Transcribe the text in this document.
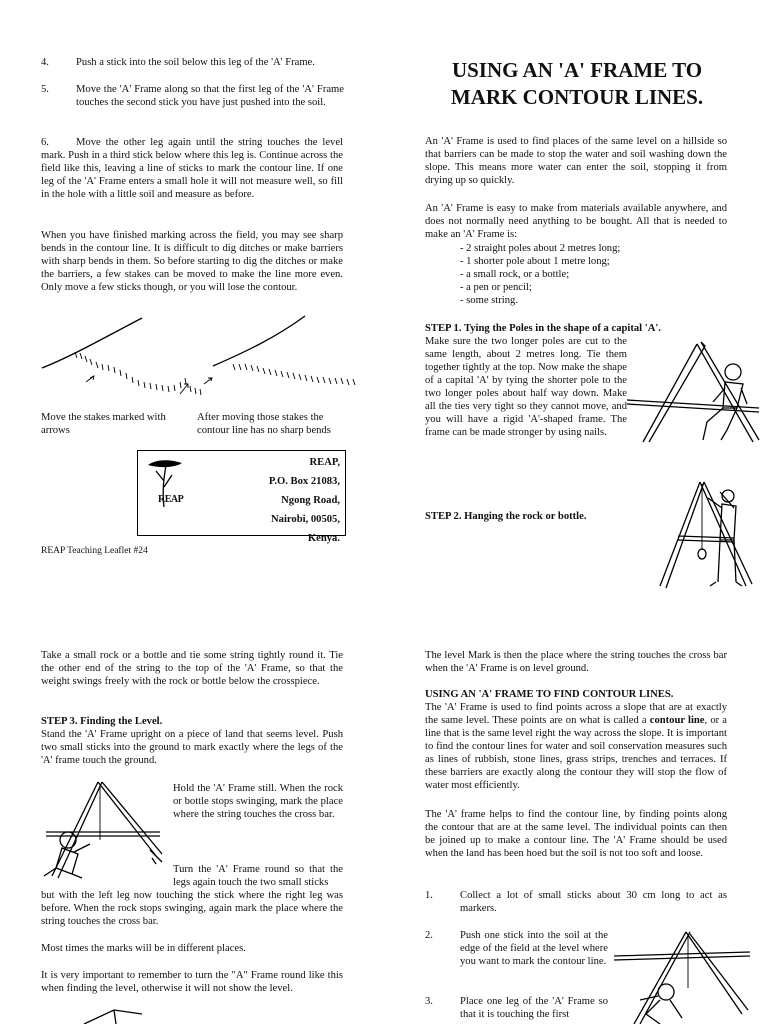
4.	Push a stick into the soil below this leg of the 'A' Frame.
5.	Move the 'A' Frame along so that the first leg of the 'A' Frame touches the second stick you have just pushed into the soil.
6.	Move the other leg again until the string touches the level mark. Push in a third stick below where this leg is. Continue across the field like this, leaving a line of sticks to mark the contour line. If one leg of the 'A' Frame enters a small hole it will not measure well, so fill in the hole with a little soil and measure as before.
When you have finished marking across the field, you may see sharp bends in the contour line. It is difficult to dig ditches or make barriers with sharp bends in them. So before starting to dig the ditches or make the barriers, a few stakes can be moved to make the line more even. Only move a few sticks though, or you will lose the contour.
Move the stakes marked with arrows
After moving those stakes the contour line has no sharp bends
REAP
REAP,
P.O. Box 21083,
Ngong Road,
Nairobi, 00505,
Kenya.
REAP Teaching Leaflet #24
USING AN 'A' FRAME TO MARK CONTOUR LINES.
An 'A' Frame is used to find places of the same level on a hillside so that barriers can be made to stop the water and soil washing down the slope. This means more water can enter the soil, stopping it from drying up so quickly.
An 'A' Frame is easy to make from materials available anywhere, and does not normally need anything to be bought. All that is needed to make an 'A' Frame is:
- 2 straight poles about 2 metres long;
- 1 shorter pole about 1 metre long;
- a small rock, or a bottle;
- a pen or pencil;
- some string.
STEP 1. Tying the Poles in the shape of a capital 'A'.
Make sure the two longer poles are cut to the same length, about 2 metres long. Tie them together tightly at the top. Now make the shape of a capital 'A' by tying the shorter pole to the two longer poles about half way down. Make all the ties very tight so they cannot move, and you will have a rigid 'A'-shaped frame. The frame can be made stronger by using nails.
STEP 2. Hanging the rock or bottle.
Take a small rock or a bottle and tie some string tightly round it. Tie the other end of the string to the top of the 'A' Frame, so that the weight swings freely with the rock or bottle below the crosspiece.
STEP 3. Finding the Level.
Stand the 'A' Frame upright on a piece of land that seems level. Push two small sticks into the ground to mark exactly where the legs of the 'A' frame touch the ground.
Hold the 'A' Frame still. When the rock or bottle stops swinging, mark the place where the string touches the cross bar.
Turn the 'A' Frame round so that the legs again touch the two small sticks
but with the left leg now touching the stick where the right leg was before. When the rock stops swinging, again mark the place where the string touches the cross bar.
Most times the marks will be in different places.
It is very important to remember to turn the "A" Frame round like this when finding the level, otherwise it will not show the level.
The level Mark is then the place where the string touches the cross bar when the 'A' Frame is on level ground.
USING AN 'A' FRAME TO FIND CONTOUR LINES.
The 'A' Frame is used to find points across a slope that are at exactly the same level. These points are on what is called a contour line, or a line that is the same level right the way across the slope. It is important to find the contour lines for water and soil conservation measures such as lines of rubbish, stone lines, grass strips, trenches and terraces. If these barriers are exactly along the contour they will stop the flow of water most efficiently.
The 'A' frame helps to find the contour line, by finding points along the contour that are at the same level. The individual points can then be joined up to make a contour line. The 'A' Frame should be used when the land has been hoed but the soil is not too soft and loose.
1.	Collect a lot of small sticks about 30 cm long to act as markers.
2.	Push one stick into the soil at the edge of the field at the level where you want to mark the contour line.
3.	Place one leg of the 'A' Frame so that it is touching the first
